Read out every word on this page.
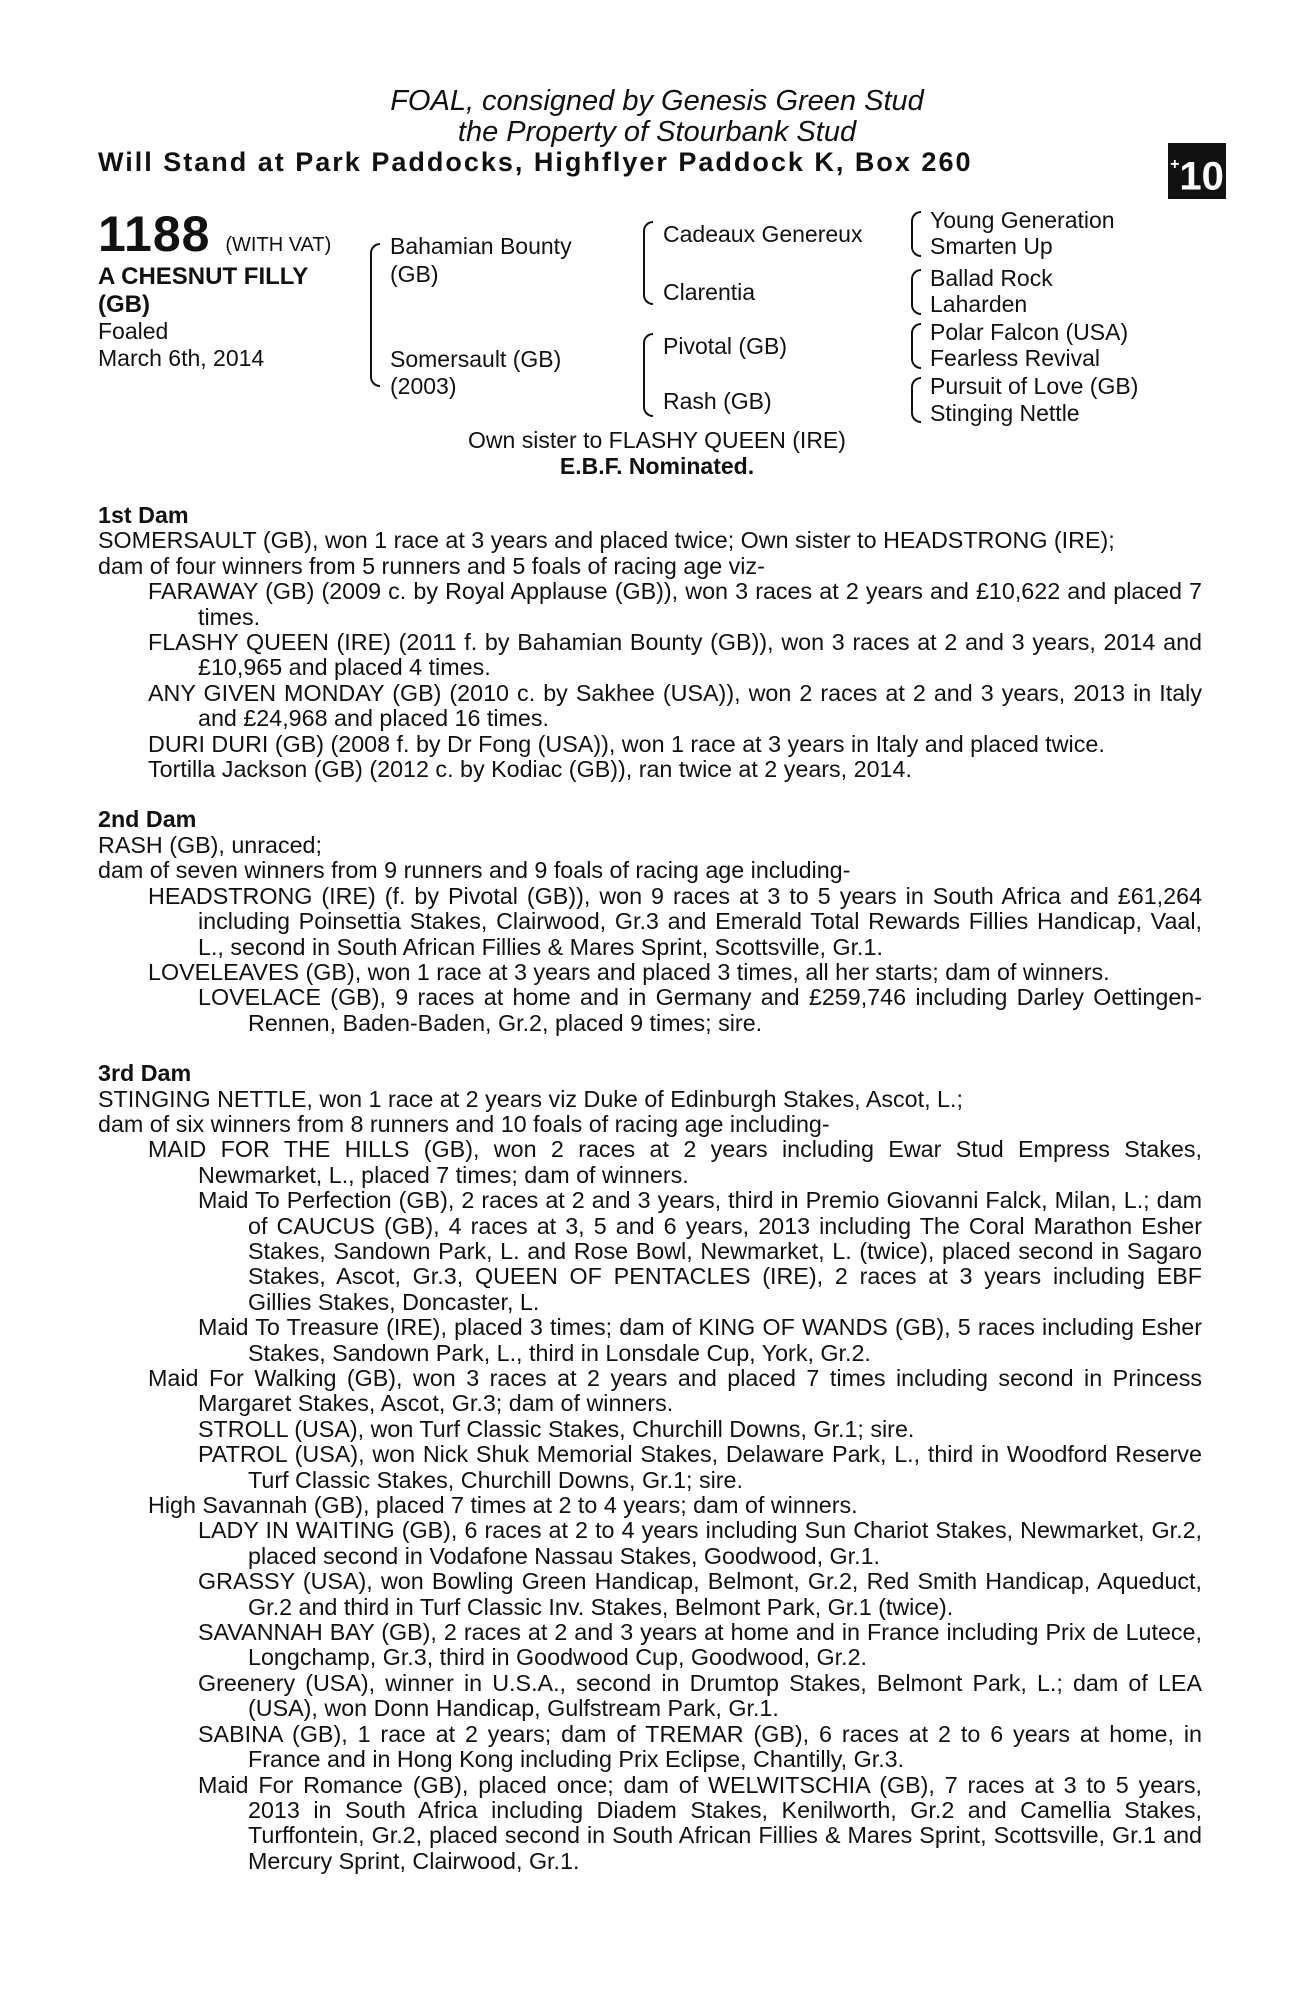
FOAL, consigned by Genesis Green Stud
the Property of Stourbank Stud
Will Stand at Park Paddocks, Highflyer Paddock K, Box 260	+10
1188 (WITH VAT)
A CHESNUT FILLY
(GB)
Foaled
March 6th, 2014
Bahamian Bounty
(GB)
Somersault (GB)
(2003)
Cadeaux Genereux
Clarentia
Pivotal (GB)
Rash (GB)
Young Generation
Smarten Up
Ballad Rock
Laharden
Polar Falcon (USA)
Fearless Revival
Pursuit of Love (GB)
Stinging Nettle
Own sister to FLASHY QUEEN (IRE)
E.B.F. Nominated.

1st Dam

SOMERSAULT (GB), won 1 race at 3 years and placed twice; Own sister to HEADSTRONG (IRE);

dam of four winners from 5 runners and 5 foals of racing age viz-

FARAWAY (GB) (2009 c. by Royal Applause (GB)), won 3 races at 2 years and £10,622 and placed 7 times.

FLASHY QUEEN (IRE) (2011 f. by Bahamian Bounty (GB)), won 3 races at 2 and 3 years, 2014 and £10,965 and placed 4 times.

ANY GIVEN MONDAY (GB) (2010 c. by Sakhee (USA)), won 2 races at 2 and 3 years, 2013 in Italy and £24,968 and placed 16 times.

DURI DURI (GB) (2008 f. by Dr Fong (USA)), won 1 race at 3 years in Italy and placed twice.

Tortilla Jackson (GB) (2012 c. by Kodiac (GB)), ran twice at 2 years, 2014.

2nd Dam

RASH (GB), unraced;

dam of seven winners from 9 runners and 9 foals of racing age including-

HEADSTRONG (IRE) (f. by Pivotal (GB)), won 9 races at 3 to 5 years in South Africa and £61,264 including Poinsettia Stakes, Clairwood, Gr.3 and Emerald Total Rewards Fillies Handicap, Vaal, L., second in South African Fillies & Mares Sprint, Scottsville, Gr.1.

LOVELEAVES (GB), won 1 race at 3 years and placed 3 times, all her starts; dam of winners.

LOVELACE (GB), 9 races at home and in Germany and £259,746 including Darley Oettingen-Rennen, Baden-Baden, Gr.2, placed 9 times; sire.

3rd Dam

STINGING NETTLE, won 1 race at 2 years viz Duke of Edinburgh Stakes, Ascot, L.;

dam of six winners from 8 runners and 10 foals of racing age including-

MAID FOR THE HILLS (GB), won 2 races at 2 years including Ewar Stud Empress Stakes, Newmarket, L., placed 7 times; dam of winners.

Maid To Perfection (GB), 2 races at 2 and 3 years, third in Premio Giovanni Falck, Milan, L.; dam of CAUCUS (GB), 4 races at 3, 5 and 6 years, 2013 including The Coral Marathon Esher Stakes, Sandown Park, L. and Rose Bowl, Newmarket, L. (twice), placed second in Sagaro Stakes, Ascot, Gr.3, QUEEN OF PENTACLES (IRE), 2 races at 3 years including EBF Gillies Stakes, Doncaster, L.

Maid To Treasure (IRE), placed 3 times; dam of KING OF WANDS (GB), 5 races including Esher Stakes, Sandown Park, L., third in Lonsdale Cup, York, Gr.2.

Maid For Walking (GB), won 3 races at 2 years and placed 7 times including second in Princess Margaret Stakes, Ascot, Gr.3; dam of winners.

STROLL (USA), won Turf Classic Stakes, Churchill Downs, Gr.1; sire.

PATROL (USA), won Nick Shuk Memorial Stakes, Delaware Park, L., third in Woodford Reserve Turf Classic Stakes, Churchill Downs, Gr.1; sire.

High Savannah (GB), placed 7 times at 2 to 4 years; dam of winners.

LADY IN WAITING (GB), 6 races at 2 to 4 years including Sun Chariot Stakes, Newmarket, Gr.2, placed second in Vodafone Nassau Stakes, Goodwood, Gr.1.

GRASSY (USA), won Bowling Green Handicap, Belmont, Gr.2, Red Smith Handicap, Aqueduct, Gr.2 and third in Turf Classic Inv. Stakes, Belmont Park, Gr.1 (twice).

SAVANNAH BAY (GB), 2 races at 2 and 3 years at home and in France including Prix de Lutece, Longchamp, Gr.3, third in Goodwood Cup, Goodwood, Gr.2.

Greenery (USA), winner in U.S.A., second in Drumtop Stakes, Belmont Park, L.; dam of LEA (USA), won Donn Handicap, Gulfstream Park, Gr.1.

SABINA (GB), 1 race at 2 years; dam of TREMAR (GB), 6 races at 2 to 6 years at home, in France and in Hong Kong including Prix Eclipse, Chantilly, Gr.3.

Maid For Romance (GB), placed once; dam of WELWITSCHIA (GB), 7 races at 3 to 5 years, 2013 in South Africa including Diadem Stakes, Kenilworth, Gr.2 and Camellia Stakes, Turffontein, Gr.2, placed second in South African Fillies & Mares Sprint, Scottsville, Gr.1 and Mercury Sprint, Clairwood, Gr.1.
